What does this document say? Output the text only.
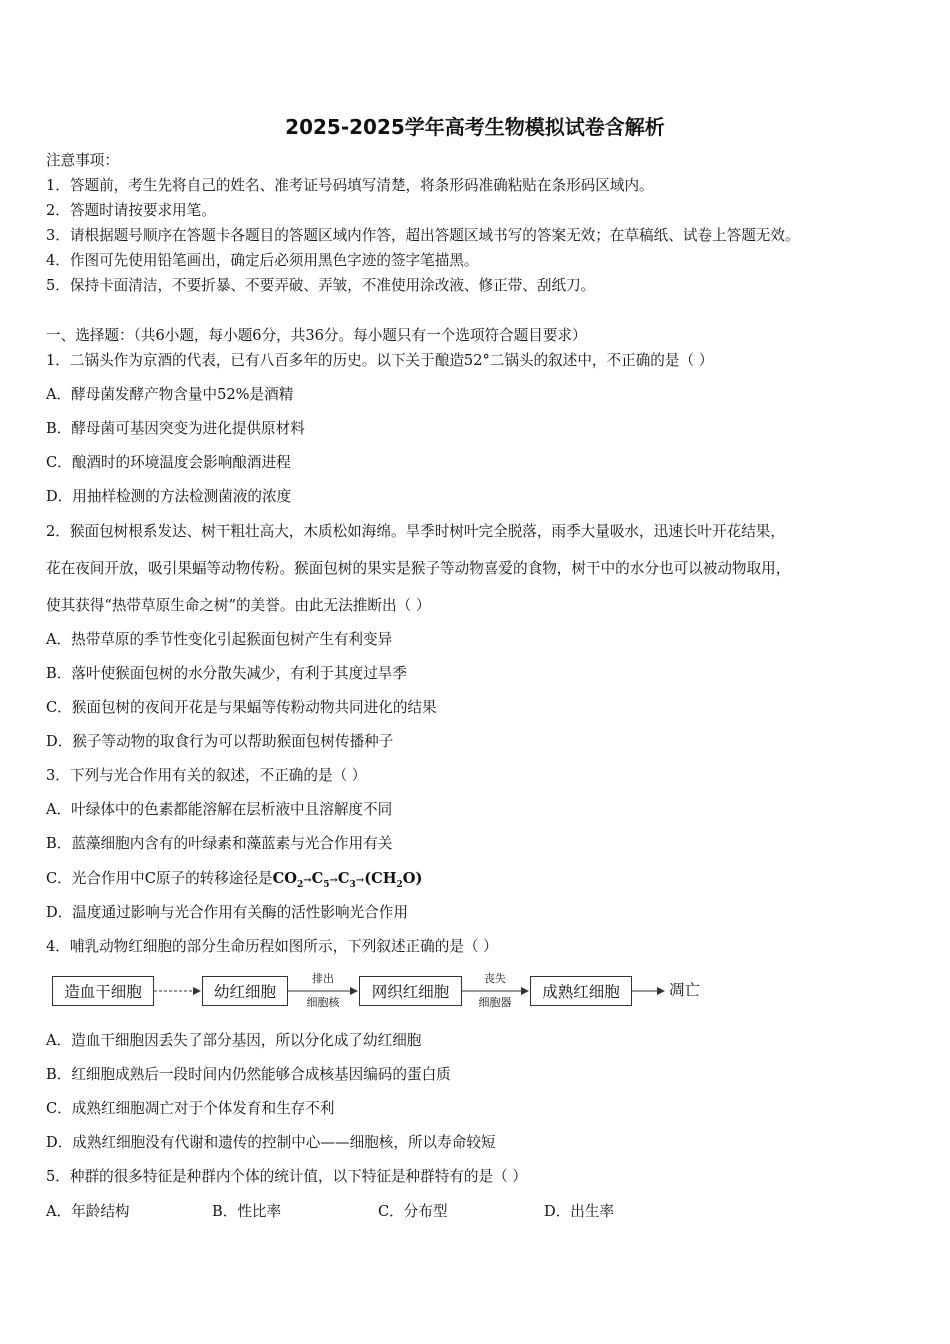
2025-2025学年高考生物模拟试卷含解析
注意事项：
1．答题前，考生先将自己的姓名、准考证号码填写清楚，将条形码准确粘贴在条形码区域内。
2．答题时请按要求用笔。
3．请根据题号顺序在答题卡各题目的答题区域内作答，超出答题区域书写的答案无效；在草稿纸、试卷上答题无效。
4．作图可先使用铅笔画出，确定后必须用黑色字迹的签字笔描黑。
5．保持卡面清洁，不要折暴、不要弄破、弄皱，不准使用涂改液、修正带、刮纸刀。
一、选择题：（共6小题，每小题6分，共36分。每小题只有一个选项符合题目要求）
1．二锅头作为京酒的代表，已有八百多年的历史。以下关于酿造52°二锅头的叙述中，不正确的是（ ）
A．酵母菌发酵产物含量中52%是酒精
B．酵母菌可基因突变为进化提供原材料
C．酿酒时的环境温度会影响酿酒进程
D．用抽样检测的方法检测菌液的浓度
2．猴面包树根系发达、树干粗壮高大，木质松如海绵。旱季时树叶完全脱落，雨季大量吸水，迅速长叶开花结果，
花在夜间开放，吸引果蝠等动物传粉。猴面包树的果实是猴子等动物喜爱的食物，树干中的水分也可以被动物取用，
使其获得“热带草原生命之树”的美誉。由此无法推断出（ ）
A．热带草原的季节性变化引起猴面包树产生有利变异
B．落叶使猴面包树的水分散失减少，有利于其度过旱季
C．猴面包树的夜间开花是与果蝠等传粉动物共同进化的结果
D．猴子等动物的取食行为可以帮助猴面包树传播种子
3．下列与光合作用有关的叙述，不正确的是（ ）
A．叶绿体中的色素都能溶解在层析液中且溶解度不同
B．蓝藻细胞内含有的叶绿素和藻蓝素与光合作用有关
C．光合作用中C原子的转移途径是$CO_2\to C_5\to C_3\to(CH_2O)$
D．温度通过影响与光合作用有关酶的活性影响光合作用
4．哺乳动物红细胞的部分生命历程如图所示，下列叙述正确的是（ ）
造血干细胞	幼红细胞	网织红细胞	成熟红细胞
排出
细胞核
丧失
细胞器
凋亡
A．造血干细胞因丢失了部分基因，所以分化成了幼红细胞
B．红细胞成熟后一段时间内仍然能够合成核基因编码的蛋白质
C．成熟红细胞凋亡对于个体发育和生存不利
D．成熟红细胞没有代谢和遗传的控制中心——细胞核，所以寿命较短
5．种群的很多特征是种群内个体的统计值，以下特征是种群特有的是（ ）
A．年龄结构	B．性比率	C．分布型	D．出生率
